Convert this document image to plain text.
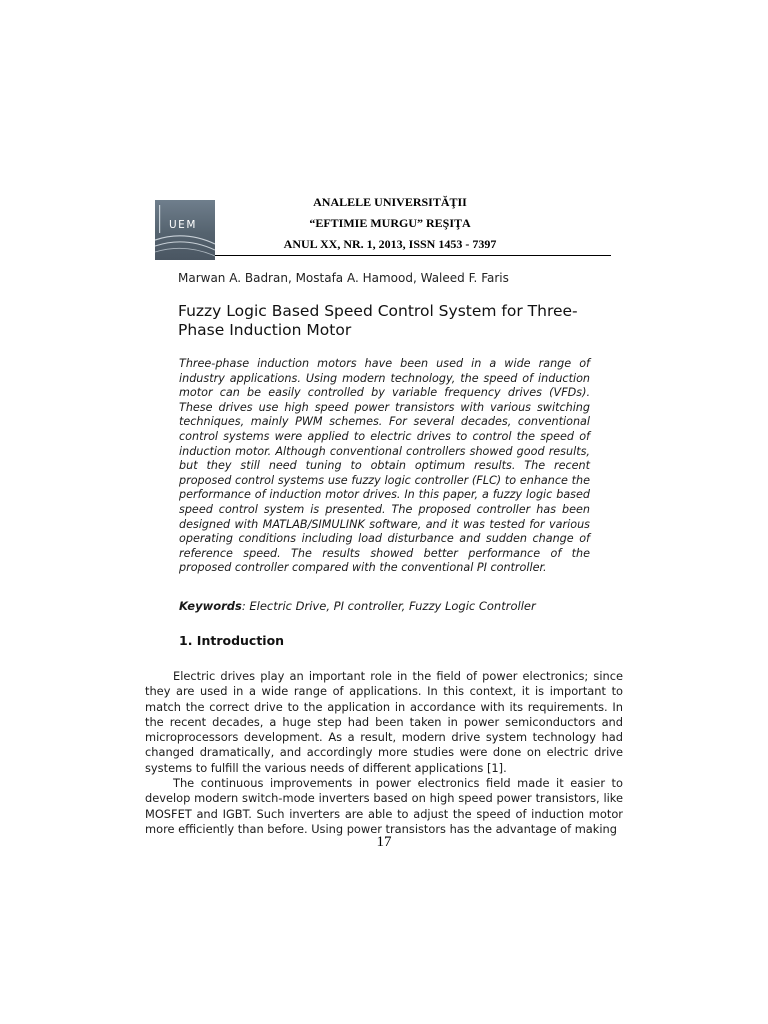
UEM
ANALELE UNIVERSITĂŢII
“EFTIMIE MURGU” REŞIŢA
ANUL XX, NR. 1, 2013, ISSN 1453 - 7397
Marwan A. Badran, Mostafa A. Hamood, Waleed F. Faris
Fuzzy Logic Based Speed Control System for Three-Phase Induction Motor
Three-phase induction motors have been used in a wide range of industry applications. Using modern technology, the speed of induction motor can be easily controlled by variable frequency drives (VFDs). These drives use high speed power transistors with various switching techniques, mainly PWM schemes. For several decades, conventional control systems were applied to electric drives to control the speed of induction motor. Although conventional controllers showed good results, but they still need tuning to obtain optimum results. The recent proposed control systems use fuzzy logic controller (FLC) to enhance the performance of induction motor drives. In this paper, a fuzzy logic based speed control system is presented. The proposed controller has been designed with MATLAB/SIMULINK software, and it was tested for various operating conditions including load disturbance and sudden change of reference speed. The results showed better performance of the proposed controller compared with the conventional PI controller.
Keywords: Electric Drive, PI controller, Fuzzy Logic Controller
1. Introduction

Electric drives play an important role in the field of power electronics; since they are used in a wide range of applications. In this context, it is important to match the correct drive to the application in accordance with its requirements. In the recent decades, a huge step had been taken in power semiconductors and microprocessors development. As a result, modern drive system technology had changed dramatically, and accordingly more studies were done on electric drive systems to fulfill the various needs of different applications [1].

The continuous improvements in power electronics field made it easier to develop modern switch-mode inverters based on high speed power transistors, like MOSFET and IGBT. Such inverters are able to adjust the speed of induction motor more efficiently than before. Using power transistors has the advantage of making

17
